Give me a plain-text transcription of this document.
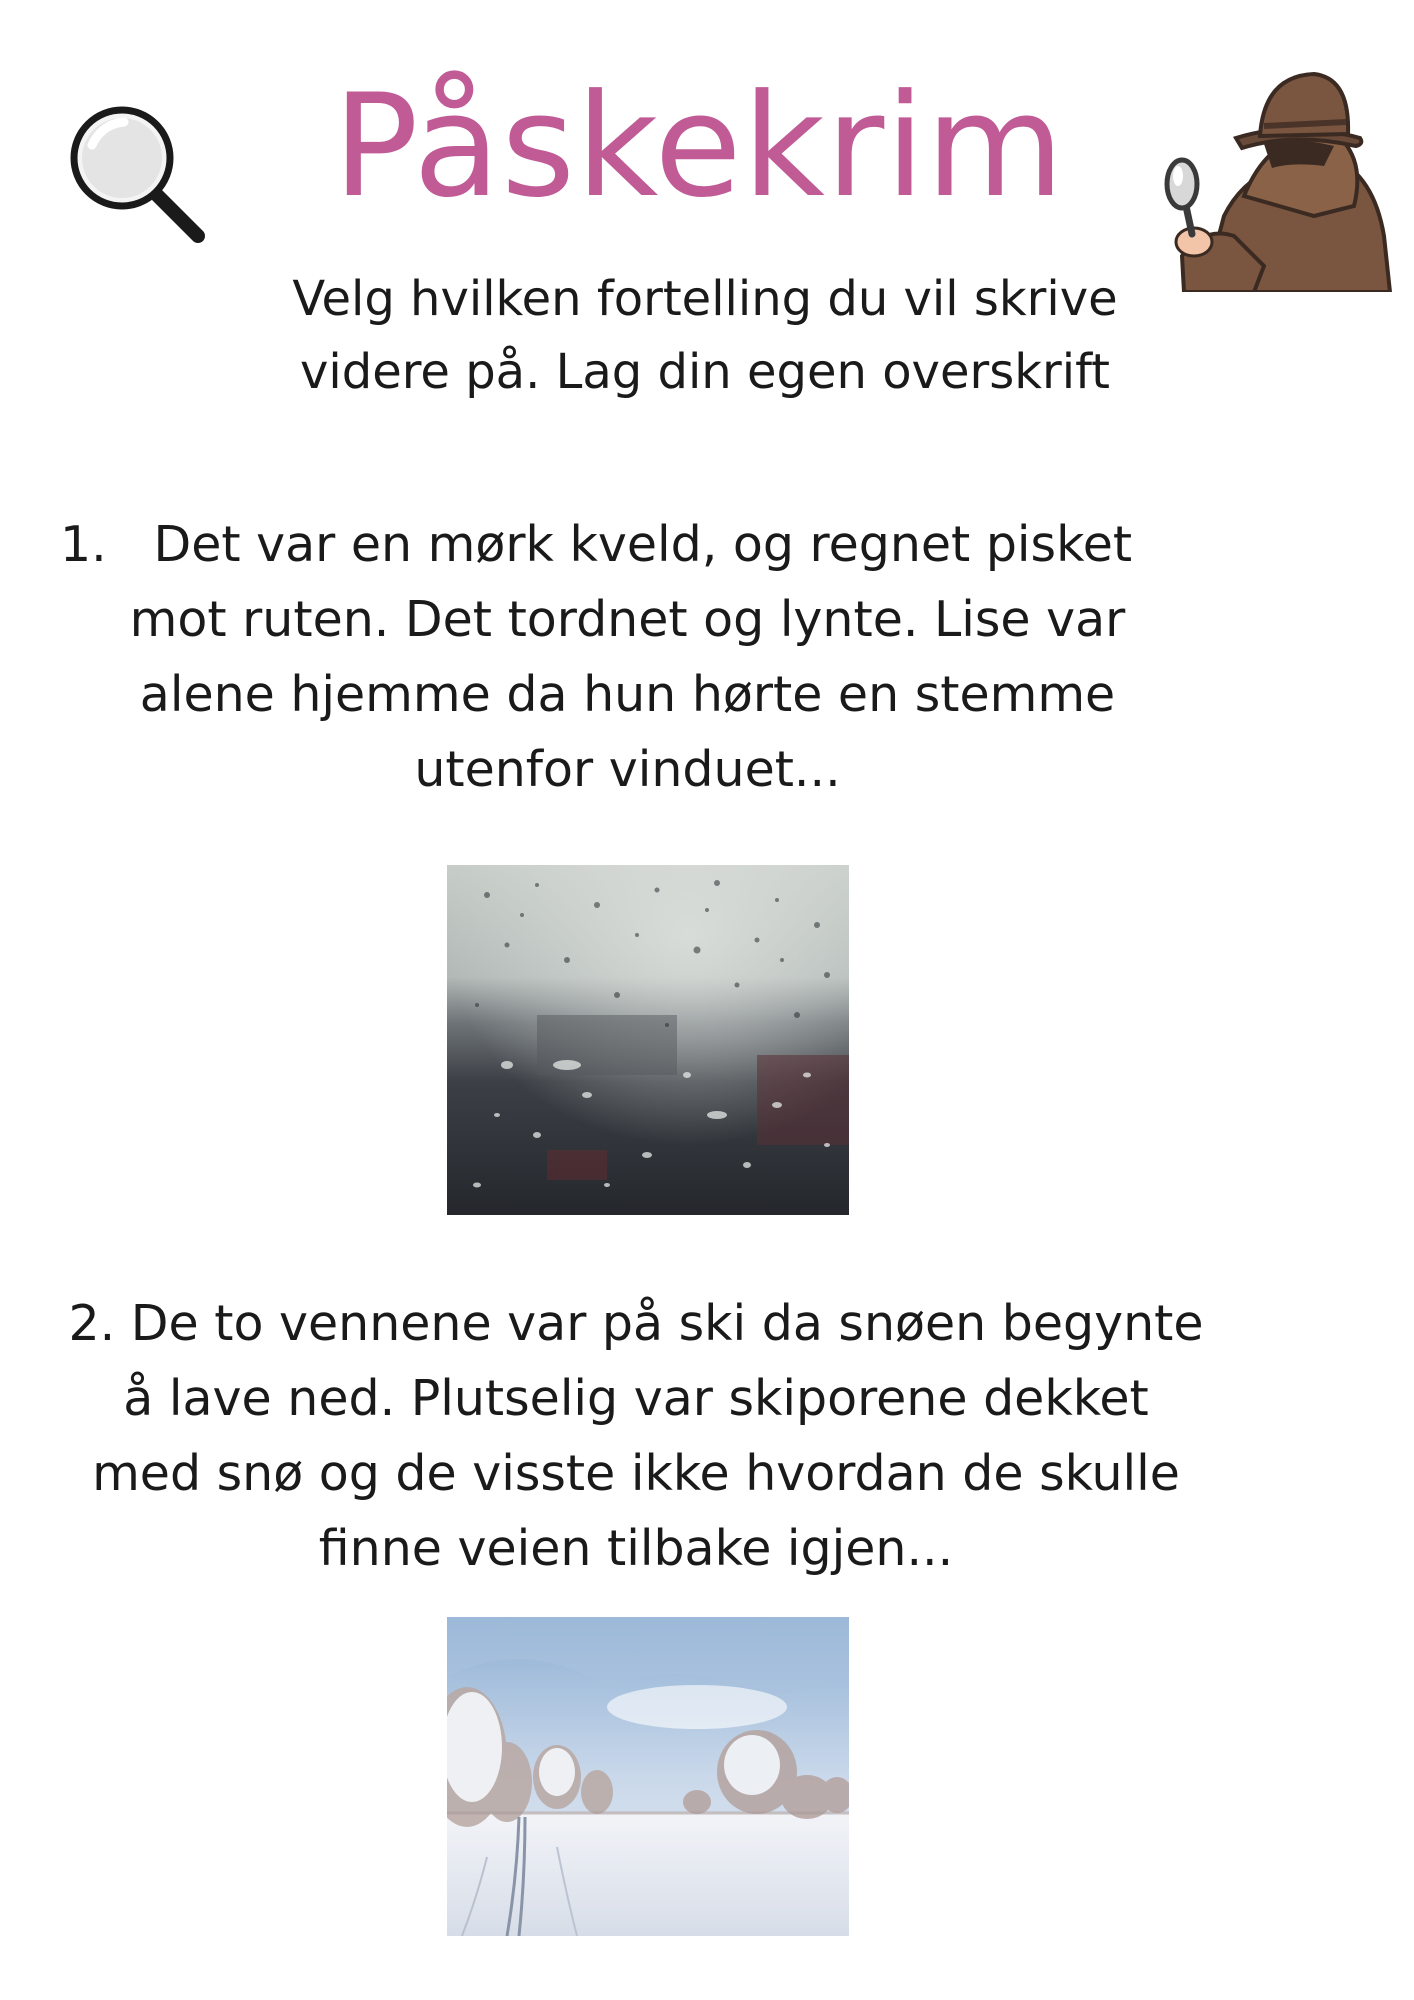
Påskekrim
Velg hvilken fortelling du vil skrive
videre på. Lag din egen overskrift
1.   Det var en mørk kveld, og regnet pisket
mot ruten. Det tordnet og lynte. Lise var
alene hjemme da hun hørte en stemme
utenfor vinduet...
2. De to vennene var på ski da snøen begynte
å lave ned. Plutselig var skiporene dekket
med snø og de visste ikke hvordan de skulle
finne veien tilbake igjen...
